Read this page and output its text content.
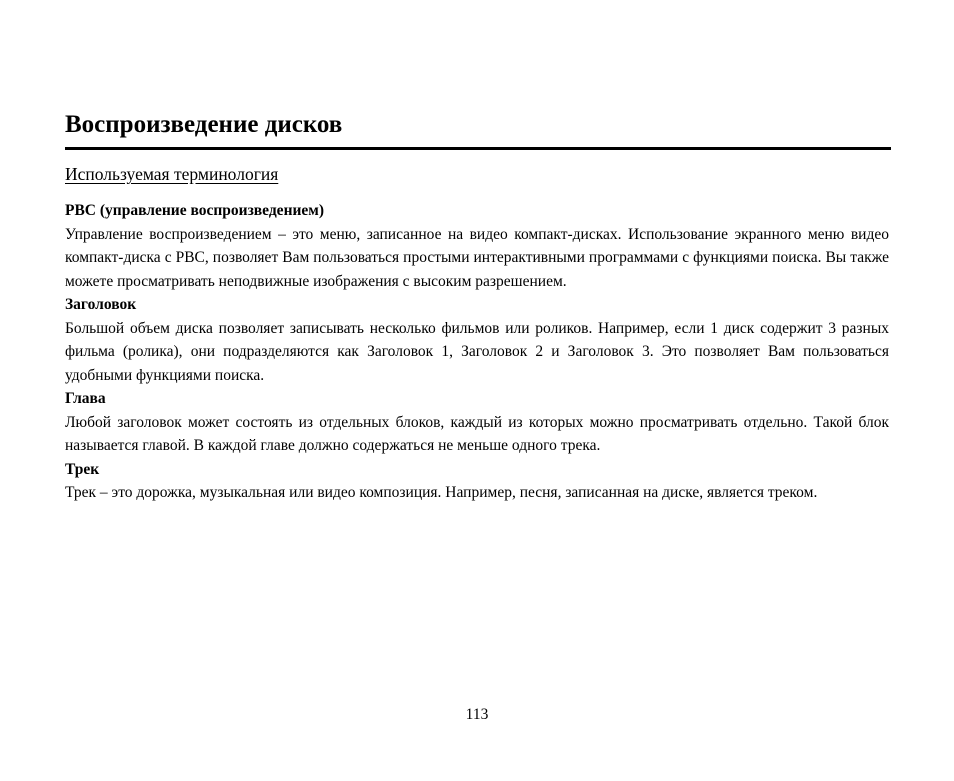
Воспроизведение дисков
Используемая терминология

PBC (управление воспроизведением)

Управление воспроизведением – это меню, записанное на видео компакт-дисках. Использование экранного меню видео компакт-диска с PBC, позволяет Вам пользоваться простыми интерактивными программами с функциями поиска. Вы также можете просматривать неподвижные изображения с высоким разрешением.

Заголовок

Большой объем диска позволяет записывать несколько фильмов или роликов. Например, если 1 диск содержит 3 разных фильма (ролика), они подразделяются как Заголовок 1, Заголовок 2 и Заголовок 3. Это позволяет Вам пользоваться удобными функциями поиска.

Глава

Любой заголовок может состоять из отдельных блоков, каждый из которых можно просматривать отдельно. Такой блок называется главой. В каждой главе должно содержаться не меньше одного трека.

Трек

Трек – это дорожка, музыкальная или видео композиция. Например, песня, записанная на диске, является треком.

113
